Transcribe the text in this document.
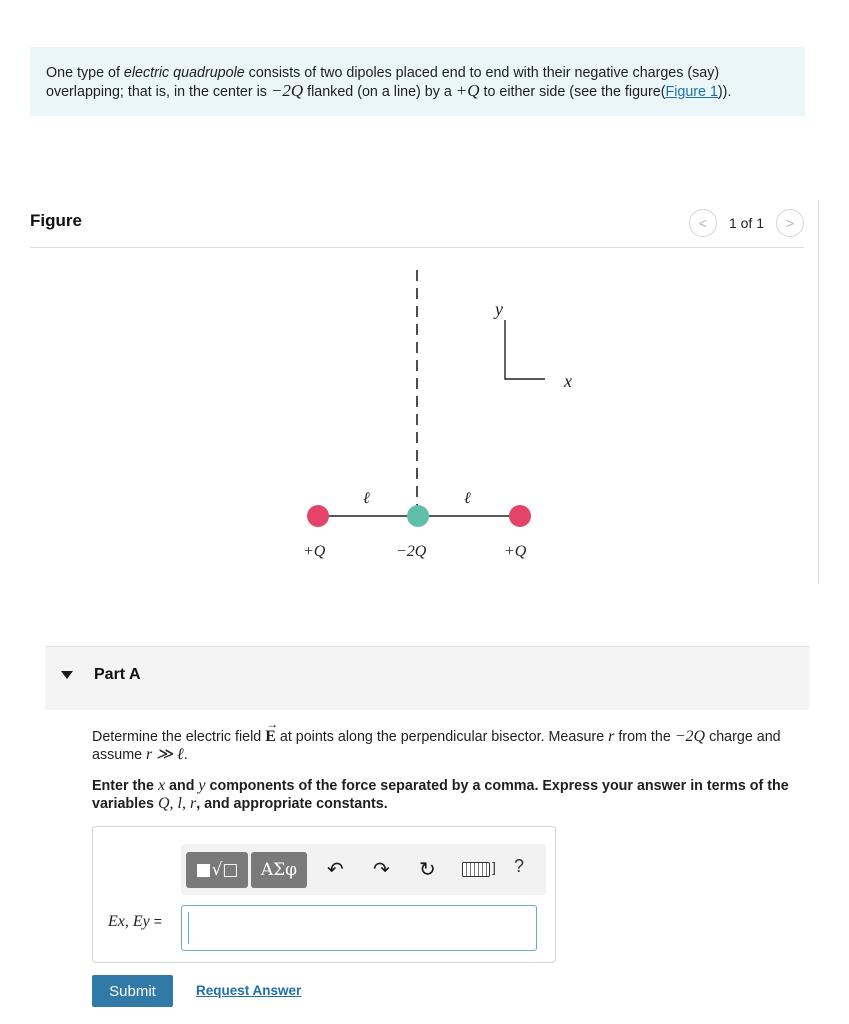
One type of electric quadrupole consists of two dipoles placed end to end with their negative charges (say) overlapping; that is, in the center is −2Q flanked (on a line) by a +Q to either side (see the figure(Figure 1)).
Figure	< 1 of 1 >
y
x
ℓ	ℓ
+Q	−2Q	+Q
Part A
Determine the electric field
→
E at points along the perpendicular bisector. Measure r from the −2Q charge and assume r ≫ ℓ.
Enter the x and y components of the force separated by a comma. Express your answer in terms of the variables Q, l, r, and appropriate constants.
■√□ ΑΣφ ↶ ↷ ↻	] ?
Ex, Ey =
Submit	Request Answer
